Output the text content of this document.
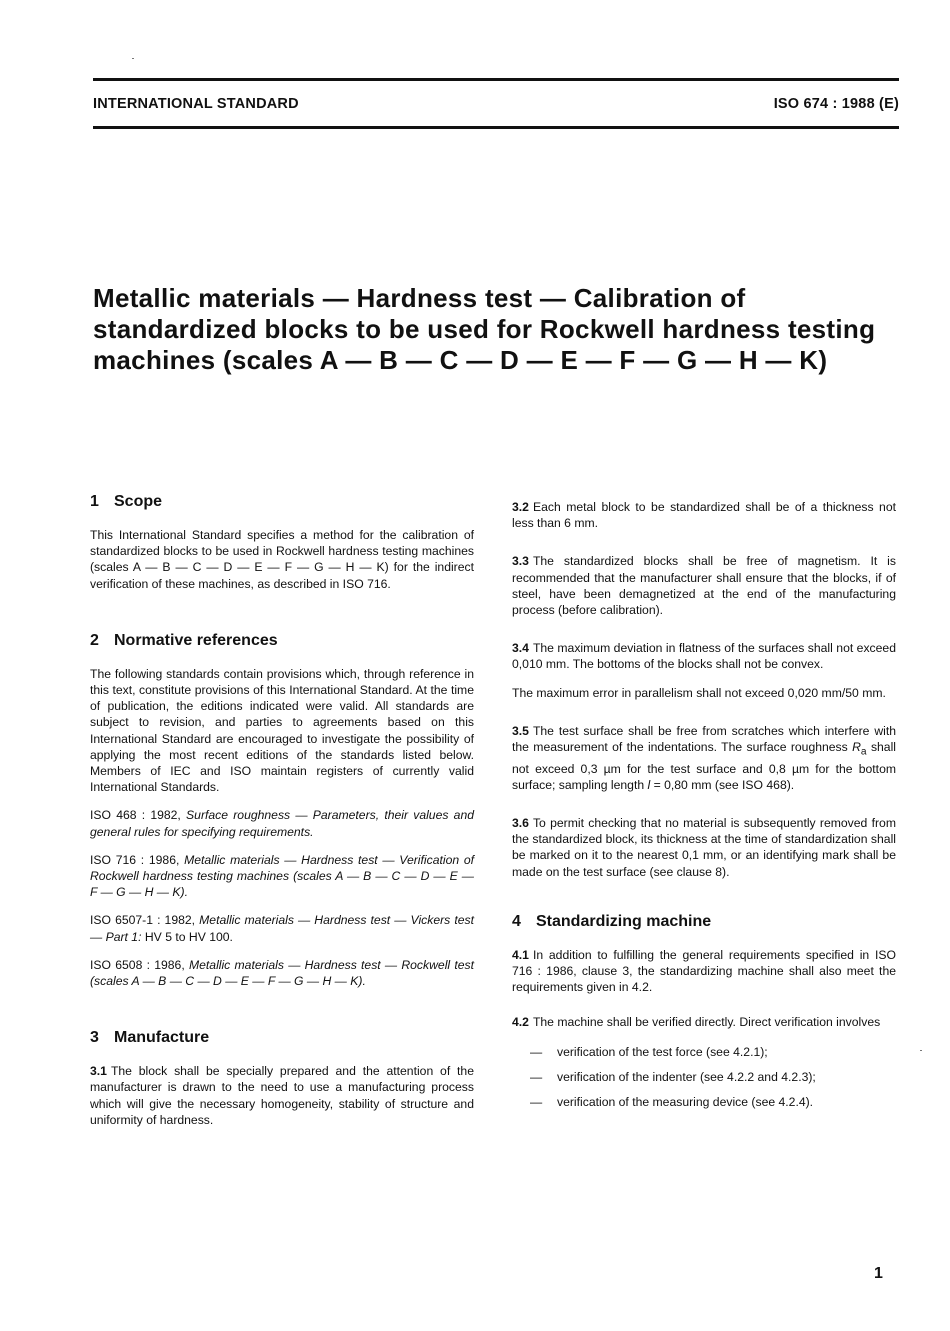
INTERNATIONAL STANDARD	ISO 674 : 1988 (E)
Metallic materials — Hardness test — Calibration of standardized blocks to be used for Rockwell hardness testing machines (scales A — B — C — D — E — F — G — H — K)
1 Scope

This International Standard specifies a method for the calibration of standardized blocks to be used in Rockwell hardness testing machines (scales A — B — C — D — E — F — G — H — K) for the indirect verification of these machines, as described in ISO 716.

2 Normative references

The following standards contain provisions which, through reference in this text, constitute provisions of this International Standard. At the time of publication, the editions indicated were valid. All standards are subject to revision, and parties to agreements based on this International Standard are encouraged to investigate the possibility of applying the most recent editions of the standards listed below. Members of IEC and ISO maintain registers of currently valid International Standards.

ISO 468 : 1982, Surface roughness — Parameters, their values and general rules for specifying requirements.

ISO 716 : 1986, Metallic materials — Hardness test — Verification of Rockwell hardness testing machines (scales A — B — C — D — E — F — G — H — K).

ISO 6507-1 : 1982, Metallic materials — Hardness test — Vickers test — Part 1: HV 5 to HV 100.

ISO 6508 : 1986, Metallic materials — Hardness test — Rockwell test (scales A — B — C — D — E — F — G — H — K).

3 Manufacture

3.1 The block shall be specially prepared and the attention of the manufacturer is drawn to the need to use a manufacturing process which will give the necessary homogeneity, stability of structure and uniformity of hardness.

3.2 Each metal block to be standardized shall be of a thickness not less than 6 mm.

3.3 The standardized blocks shall be free of magnetism. It is recommended that the manufacturer shall ensure that the blocks, if of steel, have been demagnetized at the end of the manufacturing process (before calibration).

3.4 The maximum deviation in flatness of the surfaces shall not exceed 0,010 mm. The bottoms of the blocks shall not be convex.

The maximum error in parallelism shall not exceed 0,020 mm/50 mm.

3.5 The test surface shall be free from scratches which interfere with the measurement of the indentations. The surface roughness $R_a$ shall not exceed 0,3 µm for the test surface and 0,8 µm for the bottom surface; sampling length l = 0,80 mm (see ISO 468).

3.6 To permit checking that no material is subsequently removed from the standardized block, its thickness at the time of standardization shall be marked on it to the nearest 0,1 mm, or an identifying mark shall be made on the test surface (see clause 8).

4 Standardizing machine

4.1 In addition to fulfilling the general requirements specified in ISO 716 : 1986, clause 3, the standardizing machine shall also meet the requirements given in 4.2.

4.2 The machine shall be verified directly. Direct verification involves

— verification of the test force (see 4.2.1);
— verification of the indenter (see 4.2.2 and 4.2.3);
— verification of the measuring device (see 4.2.4).
1
